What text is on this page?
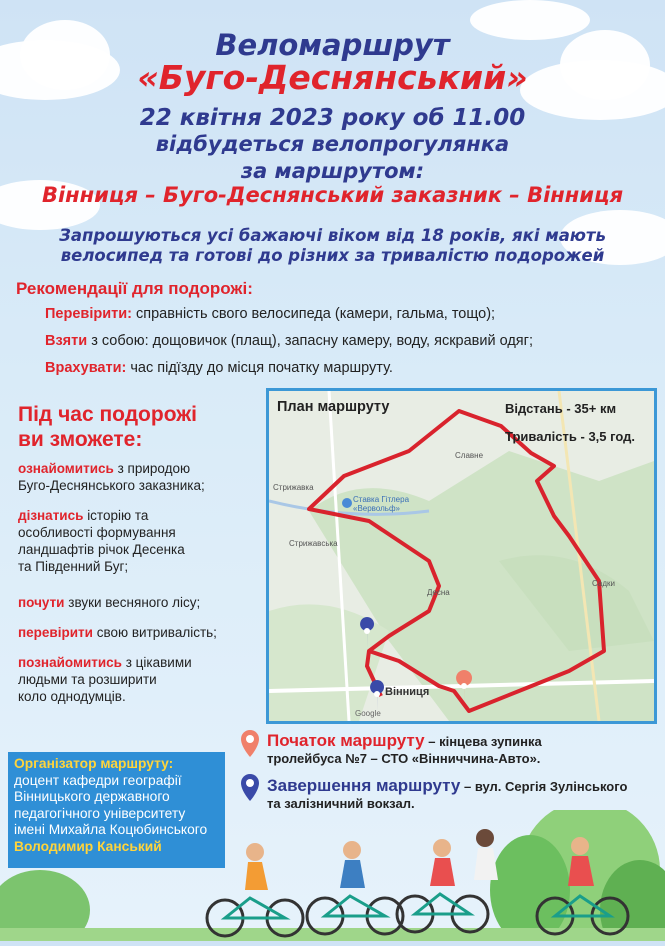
Веломаршрут
«Буго-Деснянський»
22 квітня 2023 року об 11.00
відбудеться велопрогулянка
за маршрутом:
Вінниця – Буго-Деснянський заказник – Вінниця
Запрошуються усі бажаючі віком від 18 років, які мають
велосипед та готові до різних за тривалістю подорожей
Рекомендації для подорожі:
Перевірити: справність свого велосипеда (камери, гальма, тощо);
Взяти з собою: дощовичок (плащ), запасну камеру, воду, яскравий одяг;
Врахувати: час підїзду до місця початку маршруту.
Під час подорожі
ви зможете:
ознайомитись з природою
Буго-Деснянського заказника;
дізнатись історію та
особливості формування
ландшафтів річок Десенка
та Південний Буг;
почути звуки весняного лісу;
перевірити свою витривалість;
познайомитись з цікавими
людьми та розширити
коло однодумців.
План маршруту	Відстань - 35+ км
Тривалість - 3,5 год.
Славне
Стрижавка
Ставка Гітлера «Вервольф»
Стрижавська
Десна
Садки
Вінниця
Google
Початок маршруту – кінцева зупинка
тролейбуса №7 – СТО «Вінниччина-Авто».
Завершення маршруту – вул. Сергія Зулінського
та залізничний вокзал.
Організатор маршруту:
доцент кафедри географії
Вінницького державного
педагогічного університету
імені Михайла Коцюбинського
Володимир Канський
